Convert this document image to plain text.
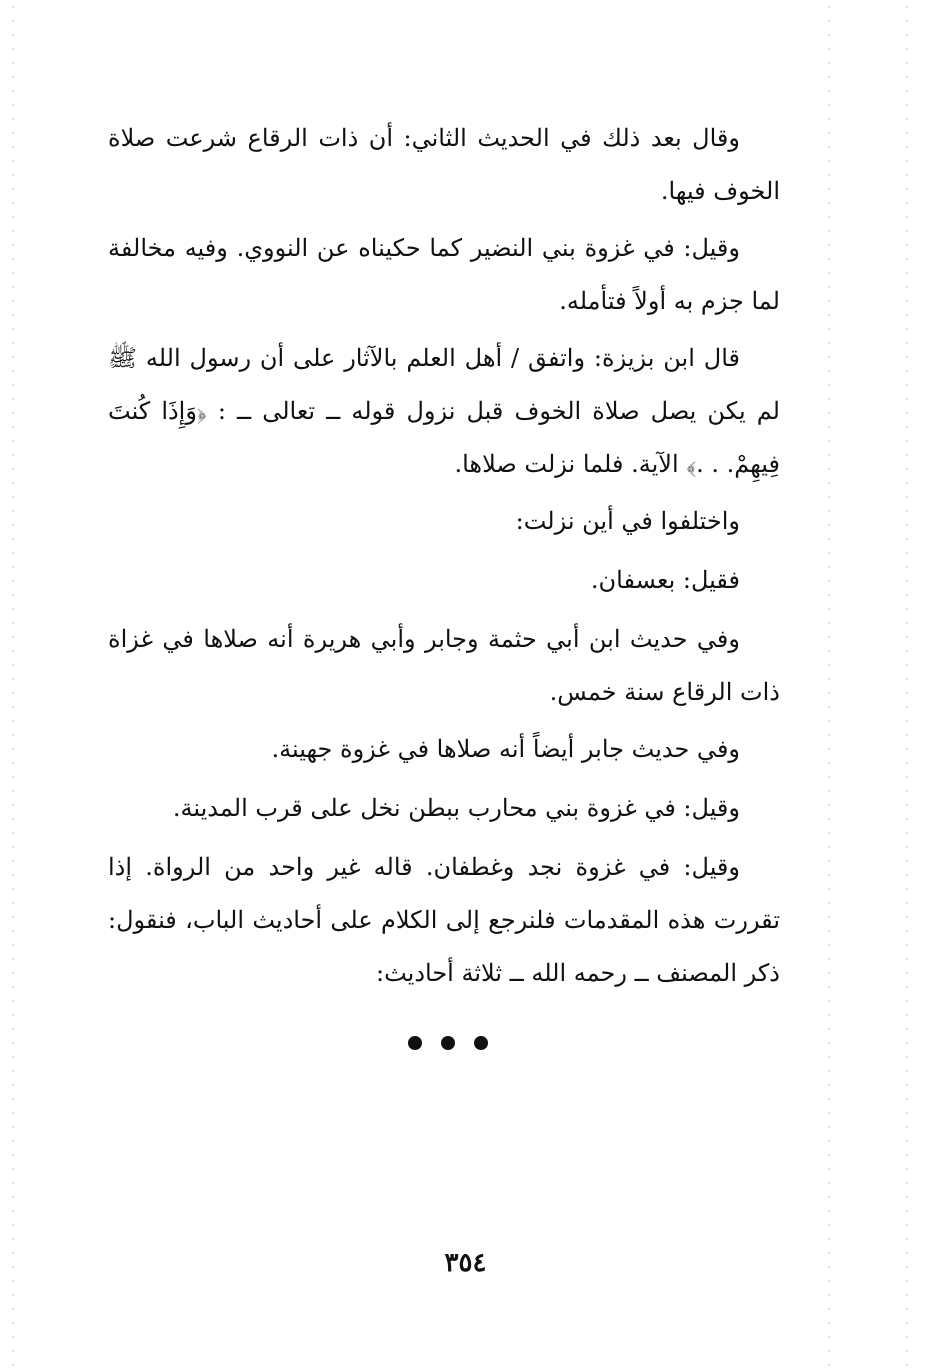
وقال بعد ذلك في الحديث الثاني: أن ذات الرقاع شرعت صلاة الخوف فيها.

وقيل: في غزوة بني النضير كما حكيناه عن النووي. وفيه مخالفة لما جزم به أولاً فتأمله.

قال ابن بزيزة: واتفق / أهل العلم بالآثار على أن رسول الله ﷺ لم يكن يصل صلاة الخوف قبل نزول قوله ــ تعالى ــ : ﴿وَإِذَا كُنتَ فِيهِمْ. . .﴾ الآية. فلما نزلت صلاها.

واختلفوا في أين نزلت:

فقيل: بعسفان.

وفي حديث ابن أبي حثمة وجابر وأبي هريرة أنه صلاها في غزاة ذات الرقاع سنة خمس.

وفي حديث جابر أيضاً أنه صلاها في غزوة جهينة.

وقيل: في غزوة بني محارب ببطن نخل على قرب المدينة.

وقيل: في غزوة نجد وغطفان. قاله غير واحد من الرواة. إذا تقررت هذه المقدمات فلنرجع إلى الكلام على أحاديث الباب، فنقول: ذكر المصنف ــ رحمه الله ــ ثلاثة أحاديث:

٣٥٤
